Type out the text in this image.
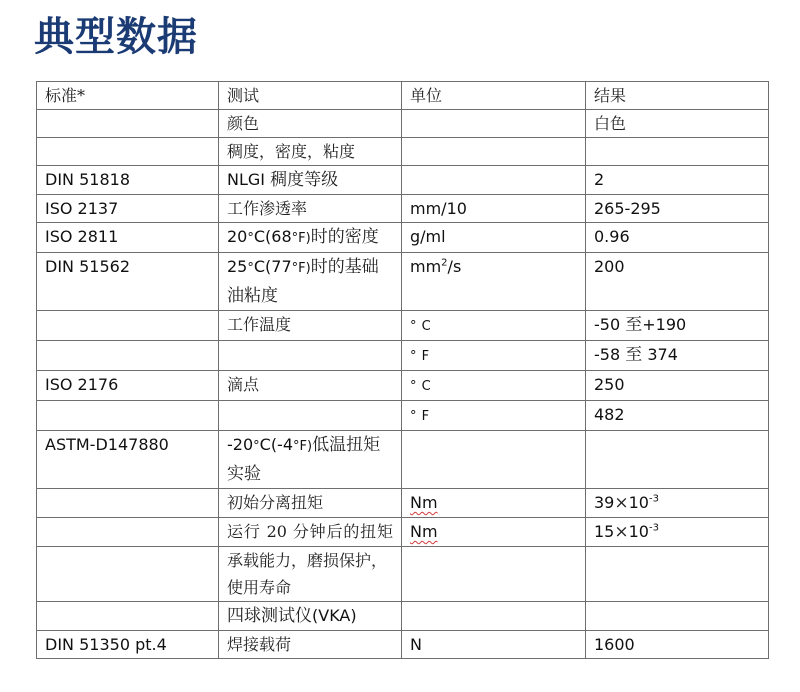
典型数据
标准*	测试	单位	结果
	颜色		白色
	稠度，密度，粘度		
DIN 51818	NLGI 稠度等级		2
ISO 2137	工作渗透率	mm/10	265-295
ISO 2811	20°C(68°F)时的密度	g/ml	0.96
DIN 51562	25°C(77°F)时的基础油粘度	$mm^2/s$	200
	工作温度	° C	-50 至+190
		° F	-58 至 374
ISO 2176	滴点	° C	250
		° F	482
ASTM-D147880	-20°C(-4°F)低温扭矩实验		
	初始分离扭矩	Nm	$39\times 10^{-3}$
	运行 20 分钟后的扭矩	Nm	$15\times 10^{-3}$
	承载能力，磨损保护，使用寿命		
	四球测试仪(VKA)		
DIN 51350 pt.4	焊接载荷	N	1600
